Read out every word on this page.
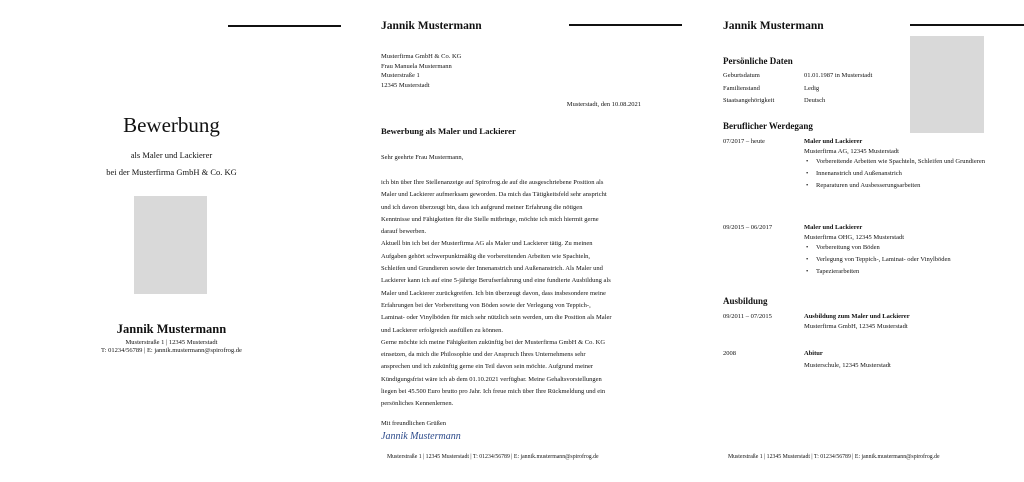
Bewerbung
als Maler und Lackierer
bei der Musterfirma GmbH & Co. KG
Jannik Mustermann
Musterstraße 1 | 12345 Musterstadt
T: 01234/56789 | E: jannik.mustermann@spirofrog.de
Jannik Mustermann
Musterfirma GmbH & Co. KG
Frau Manuela Mustermann
Musterstraße 1
12345 Musterstadt
Musterstadt, den 10.08.2021
Bewerbung als Maler und Lackierer
Sehr geehrte Frau Mustermann,
ich bin über Ihre Stellenanzeige auf Spirofrog.de auf die ausgeschriebene Position als
Maler und Lackierer aufmerksam geworden. Da mich das Tätigkeitsfeld sehr anspricht
und ich davon überzeugt bin, dass ich aufgrund meiner Erfahrung die nötigen
Kenntnisse und Fähigkeiten für die Stelle mitbringe, möchte ich mich hiermit gerne
darauf bewerben.
Aktuell bin ich bei der Musterfirma AG als Maler und Lackierer tätig. Zu meinen
Aufgaben gehört schwerpunktmäßig die vorbereitenden Arbeiten wie Spachteln,
Schleifen und Grundieren sowie der Innenanstrich und Außenanstrich. Als Maler und
Lackierer kann ich auf eine 5-jährige Berufserfahrung und eine fundierte Ausbildung als
Maler und Lackierer zurückgreifen. Ich bin überzeugt davon, dass insbesondere meine
Erfahrungen bei der Vorbereitung von Böden sowie der Verlegung von Teppich-,
Laminat- oder Vinylböden für mich sehr nützlich sein werden, um die Position als Maler
und Lackierer erfolgreich ausfüllen zu können.
Gerne möchte ich meine Fähigkeiten zukünftig bei der Musterfirma GmbH & Co. KG
einsetzen, da mich die Philosophie und der Anspruch Ihres Unternehmens sehr
ansprechen und ich zukünftig gerne ein Teil davon sein möchte. Aufgrund meiner
Kündigungsfrist wäre ich ab dem 01.10.2021 verfügbar. Meine Gehaltsvorstellungen
liegen bei 45.500 Euro brutto pro Jahr. Ich freue mich über Ihre Rückmeldung und ein
persönliches Kennenlernen.
Mit freundlichen Grüßen
Jannik Mustermann
Musterstraße 1 | 12345 Musterstadt | T: 01234/56789 | E: jannik.mustermann@spirofrog.de
Jannik Mustermann
Persönliche Daten
Geburtsdatum	01.01.1987 in Musterstadt
Familienstand	Ledig
Staatsangehörigkeit	Deutsch
Beruflicher Werdegang
07/2017 – heute	Maler und Lackierer
Musterfirma AG, 12345 Musterstadt
• Vorbereitende Arbeiten wie Spachteln, Schleifen und Grundieren
• Innenanstrich und Außenanstrich
• Reparaturen und Ausbesserungsarbeiten
09/2015 – 06/2017	Maler und Lackierer
Musterfirma OHG, 12345 Musterstadt
• Vorbereitung von Böden
• Verlegung von Teppich-, Laminat- oder Vinylböden
• Tapezierarbeiten
Ausbildung
09/2011 – 07/2015	Ausbildung zum Maler und Lackierer
Musterfirma GmbH, 12345 Musterstadt
2008	Abitur
Musterschule, 12345 Musterstadt
Musterstraße 1 | 12345 Musterstadt | T: 01234/56789 | E: jannik.mustermann@spirofrog.de
